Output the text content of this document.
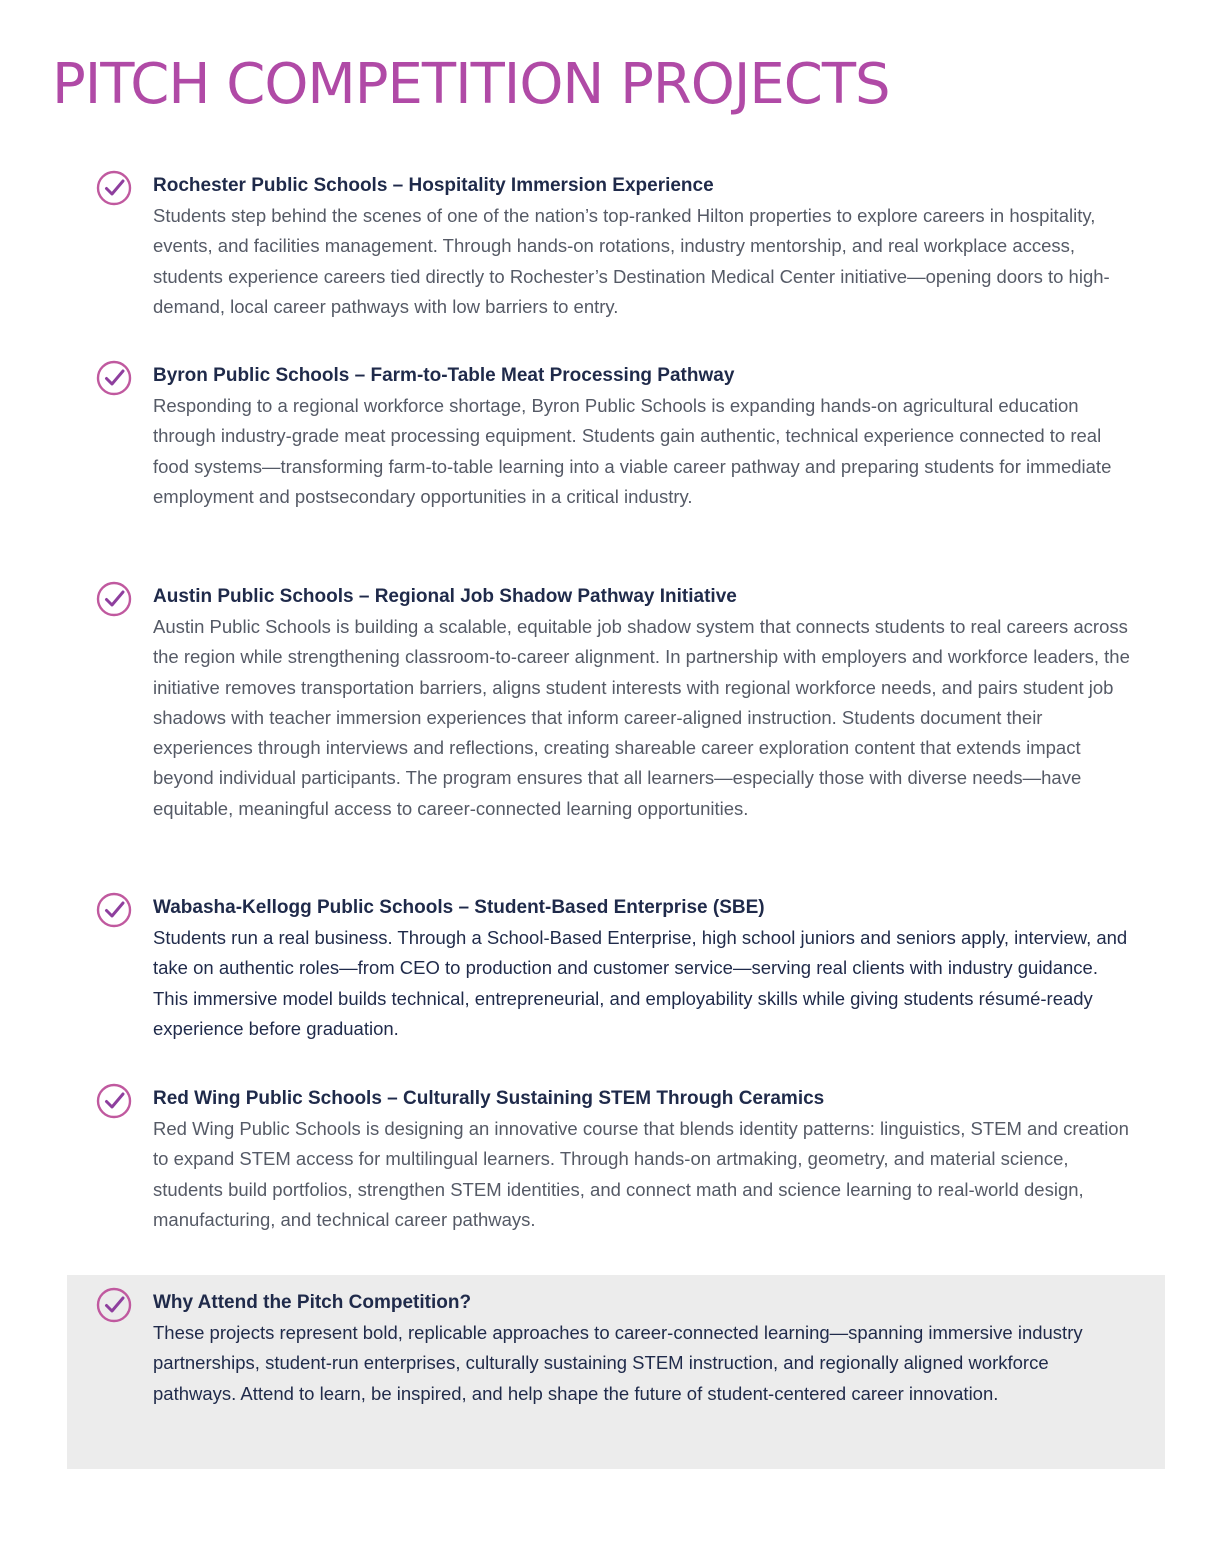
PITCH COMPETITION PROJECTS

Rochester Public Schools – Hospitality Immersion Experience

Students step behind the scenes of one of the nation’s top-ranked Hilton properties to explore careers in hospitality, events, and facilities management. Through hands-on rotations, industry mentorship, and real workplace access, students experience careers tied directly to Rochester’s Destination Medical Center initiative—opening doors to high-demand, local career pathways with low barriers to entry.

Byron Public Schools – Farm-to-Table Meat Processing Pathway

Responding to a regional workforce shortage, Byron Public Schools is expanding hands-on agricultural education through industry-grade meat processing equipment. Students gain authentic, technical experience connected to real food systems—transforming farm-to-table learning into a viable career pathway and preparing students for immediate employment and postsecondary opportunities in a critical industry.

Austin Public Schools – Regional Job Shadow Pathway Initiative

Austin Public Schools is building a scalable, equitable job shadow system that connects students to real careers across the region while strengthening classroom-to-career alignment. In partnership with employers and workforce leaders, the initiative removes transportation barriers, aligns student interests with regional workforce needs, and pairs student job shadows with teacher immersion experiences that inform career-aligned instruction. Students document their experiences through interviews and reflections, creating shareable career exploration content that extends impact beyond individual participants. The program ensures that all learners—especially those with diverse needs—have equitable, meaningful access to career-connected learning opportunities.

Wabasha-Kellogg Public Schools – Student-Based Enterprise (SBE)

Students run a real business. Through a School-Based Enterprise, high school juniors and seniors apply, interview, and take on authentic roles—from CEO to production and customer service—serving real clients with industry guidance. This immersive model builds technical, entrepreneurial, and employability skills while giving students résumé-ready experience before graduation.

Red Wing Public Schools – Culturally Sustaining STEM Through Ceramics

Red Wing Public Schools is designing an innovative course that blends identity patterns: linguistics, STEM and creation to expand STEM access for multilingual learners. Through hands-on artmaking, geometry, and material science, students build portfolios, strengthen STEM identities, and connect math and science learning to real-world design, manufacturing, and technical career pathways.

Why Attend the Pitch Competition?

These projects represent bold, replicable approaches to career-connected learning—spanning immersive industry partnerships, student-run enterprises, culturally sustaining STEM instruction, and regionally aligned workforce pathways. Attend to learn, be inspired, and help shape the future of student-centered career innovation.
